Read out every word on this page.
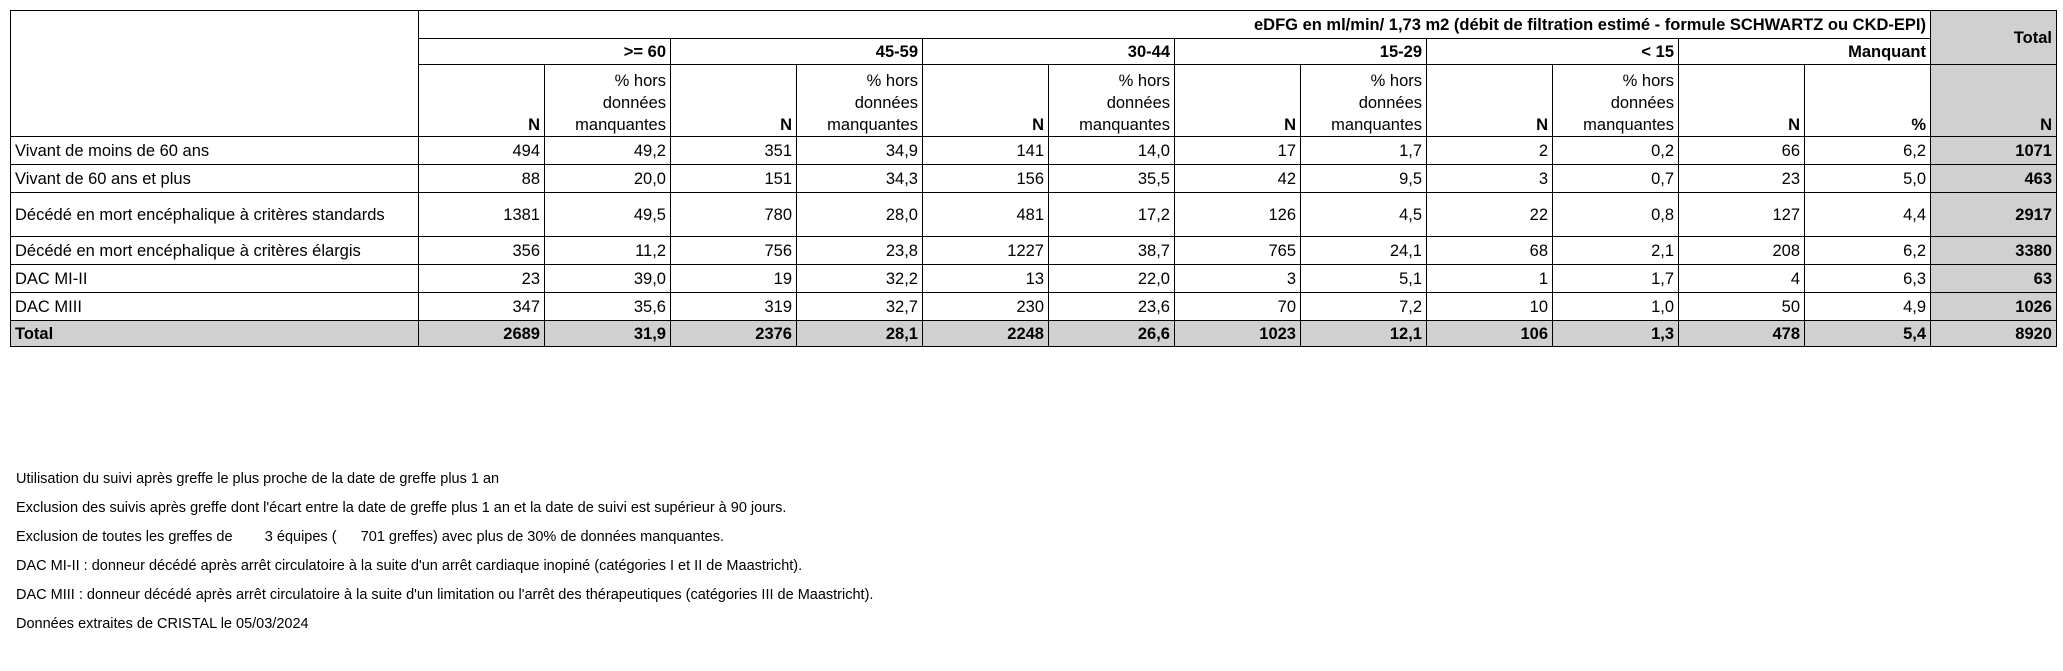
	eDFG en ml/min/ 1,73 m2 (débit de filtration estimé - formule SCHWARTZ ou CKD-EPI)												Total
	>= 60		45-59		30-44		15-29		< 15		Manquant		
	N	% hors données manquantes	N	% hors données manquantes	N	% hors données manquantes	N	% hors données manquantes	N	% hors données manquantes	N	%	N
Vivant de moins de 60 ans	494	49,2	351	34,9	141	14,0	17	1,7	2	0,2	66	6,2	1071
Vivant de 60 ans et plus	88	20,0	151	34,3	156	35,5	42	9,5	3	0,7	23	5,0	463
Décédé en mort encéphalique à critères standards	1381	49,5	780	28,0	481	17,2	126	4,5	22	0,8	127	4,4	2917
Décédé en mort encéphalique à critères élargis	356	11,2	756	23,8	1227	38,7	765	24,1	68	2,1	208	6,2	3380
DAC MI-II	23	39,0	19	32,2	13	22,0	3	5,1	1	1,7	4	6,3	63
DAC MIII	347	35,6	319	32,7	230	23,6	70	7,2	10	1,0	50	4,9	1026
Total	2689	31,9	2376	28,1	2248	26,6	1023	12,1	106	1,3	478	5,4	8920
Utilisation du suivi après greffe le plus proche de la date de greffe plus 1 an
Exclusion des suivis après greffe dont l'écart entre la date de greffe plus 1 an et la date de suivi est supérieur à 90 jours.
Exclusion de toutes les greffes de        3 équipes (      701 greffes) avec plus de 30% de données manquantes.
DAC MI-II : donneur décédé après arrêt circulatoire à la suite d'un arrêt cardiaque inopiné (catégories I et II de Maastricht).
DAC MIII : donneur décédé après arrêt circulatoire à la suite d'un limitation ou l'arrêt des thérapeutiques (catégories III de Maastricht).
Données extraites de CRISTAL le 05/03/2024
